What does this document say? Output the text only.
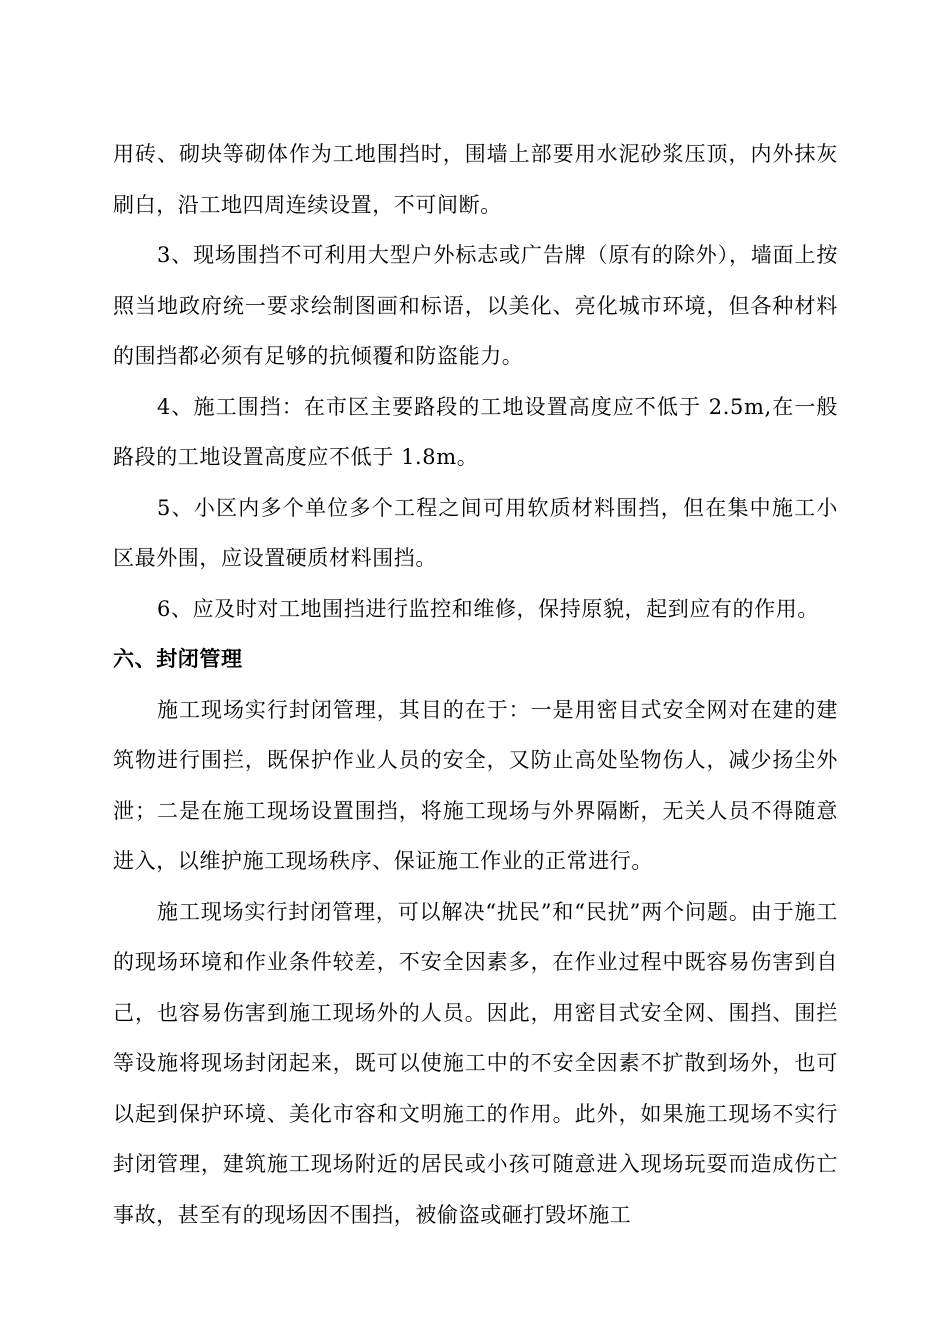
用砖、砌块等砌体作为工地围挡时，围墙上部要用水泥砂浆压顶，内外抹灰刷白，沿工地四周连续设置，不可间断。

3、现场围挡不可利用大型户外标志或广告牌（原有的除外），墙面上按照当地政府统一要求绘制图画和标语，以美化、亮化城市环境，但各种材料的围挡都必须有足够的抗倾覆和防盗能力。

4、施工围挡：在市区主要路段的工地设置高度应不低于 2.5m,在一般路段的工地设置高度应不低于 1.8m。

5、小区内多个单位多个工程之间可用软质材料围挡，但在集中施工小区最外围，应设置硬质材料围挡。

6、应及时对工地围挡进行监控和维修，保持原貌，起到应有的作用。

六、封闭管理

施工现场实行封闭管理，其目的在于：一是用密目式安全网对在建的建筑物进行围拦，既保护作业人员的安全，又防止高处坠物伤人，减少扬尘外泄；二是在施工现场设置围挡，将施工现场与外界隔断，无关人员不得随意进入，以维护施工现场秩序、保证施工作业的正常进行。

施工现场实行封闭管理，可以解决“扰民”和“民扰”两个问题。由于施工的现场环境和作业条件较差，不安全因素多，在作业过程中既容易伤害到自己，也容易伤害到施工现场外的人员。因此，用密目式安全网、围挡、围拦等设施将现场封闭起来，既可以使施工中的不安全因素不扩散到场外，也可以起到保护环境、美化市容和文明施工的作用。此外，如果施工现场不实行封闭管理，建筑施工现场附近的居民或小孩可随意进入现场玩耍而造成伤亡事故，甚至有的现场因不围挡，被偷盗或砸打毁坏施工
